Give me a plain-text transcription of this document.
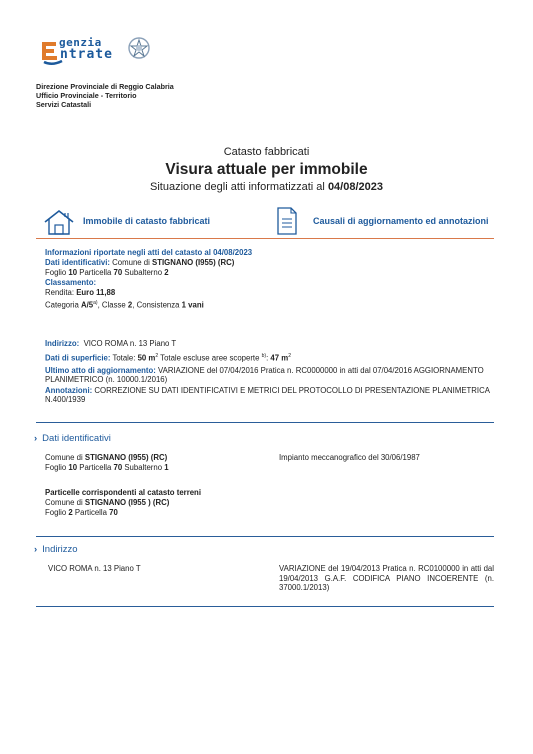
genzia
ntrate
Direzione Provinciale di Reggio Calabria
Ufficio Provinciale - Territorio
Servizi Catastali
Catasto fabbricati
Visura attuale per immobile
Situazione degli atti informatizzati al 04/08/2023
Immobile di catasto fabbricati	Causali di aggiornamento ed annotazioni
Informazioni riportate negli atti del catasto al 04/08/2023
Dati identificativi: Comune di STIGNANO (I955) (RC)
Foglio 10 Particella 70 Subalterno 2
Classamento:
Rendita: Euro 11,88
Categoria A/5$^{a)}$, Classe 2, Consistenza 1 vani
Indirizzo: VICO ROMA n. 13 Piano T
Dati di superficie: Totale: 50 $m^2$ Totale escluse aree scoperte $^{b)}$: 47 $m^2$
Ultimo atto di aggiornamento: VARIAZIONE del 07/04/2016 Pratica n. RC0000000 in atti dal 07/04/2016 AGGIORNAMENTO PLANIMETRICO (n. 10000.1/2016)
Annotazioni: CORREZIONE SU DATI IDENTIFICATIVI E METRICI DEL PROTOCOLLO DI PRESENTAZIONE PLANIMETRICA N.400/1939
› Dati identificativi
Comune di STIGNANO (I955) (RC)
Foglio 10 Particella 70 Subalterno 1
Impianto meccanografico del 30/06/1987
Particelle corrispondenti al catasto terreni
Comune di STIGNANO (I955 ) (RC)
Foglio 2 Particella 70
› Indirizzo
VICO ROMA n. 13 Piano T	VARIAZIONE del 19/04/2013 Pratica n. RC0100000 in atti dal 19/04/2013 G.A.F. CODIFICA PIANO INCOERENTE (n. 37000.1/2013)
